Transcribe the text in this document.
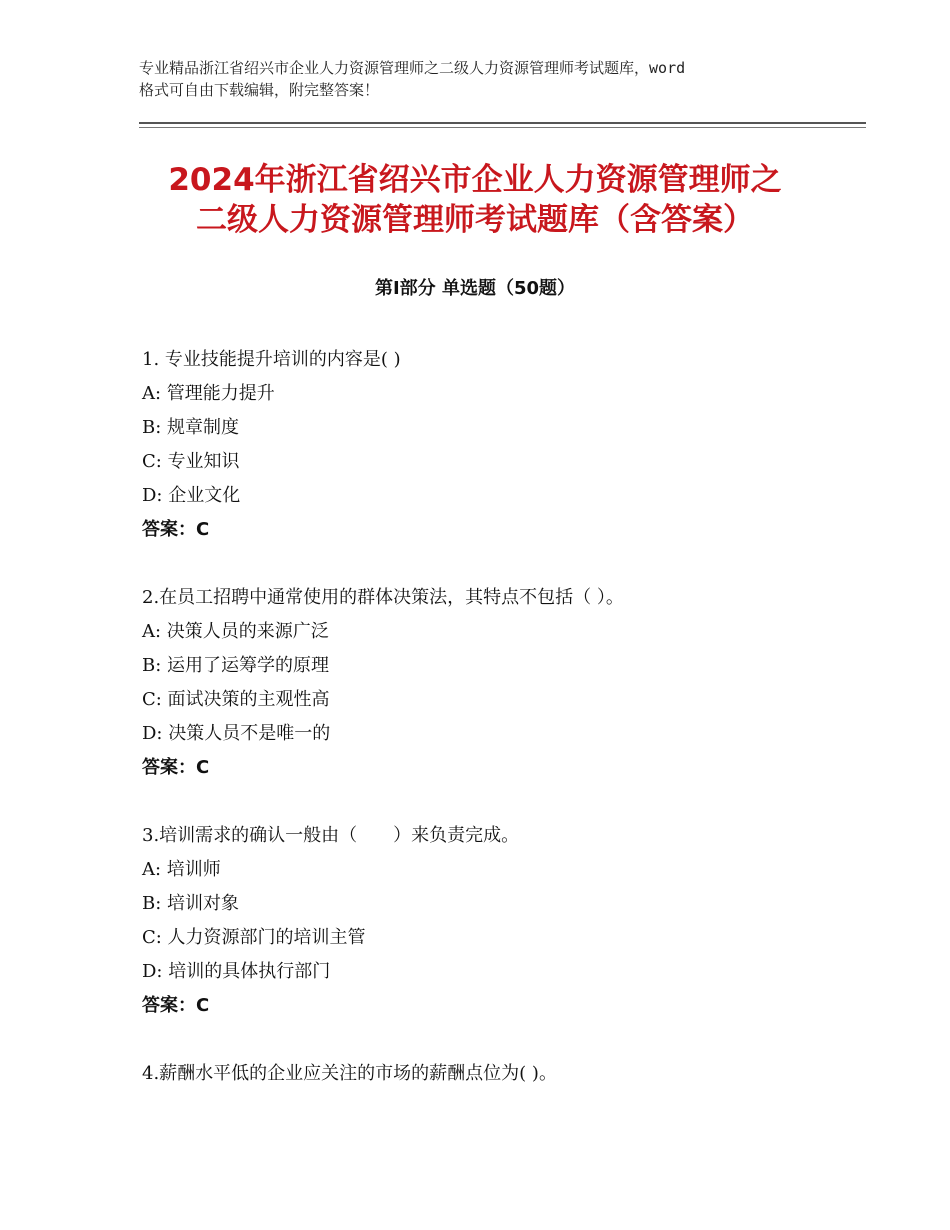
专业精品浙江省绍兴市企业人力资源管理师之二级人力资源管理师考试题库，word
格式可自由下载编辑，附完整答案！
2024年浙江省绍兴市企业人力资源管理师之
二级人力资源管理师考试题库（含答案）
第Ⅰ部分 单选题（50题）
1. 专业技能提升培训的内容是( )
A: 管理能力提升
B: 规章制度
C: 专业知识
D: 企业文化
答案：C
2.在员工招聘中通常使用的群体决策法，其特点不包括（ ）。
A: 决策人员的来源广泛
B: 运用了运筹学的原理
C: 面试决策的主观性高
D: 决策人员不是唯一的
答案：C
3.培训需求的确认一般由（　　）来负责完成。
A: 培训师
B: 培训对象
C: 人力资源部门的培训主管
D: 培训的具体执行部门
答案：C
4.薪酬水平低的企业应关注的市场的薪酬点位为( )。
